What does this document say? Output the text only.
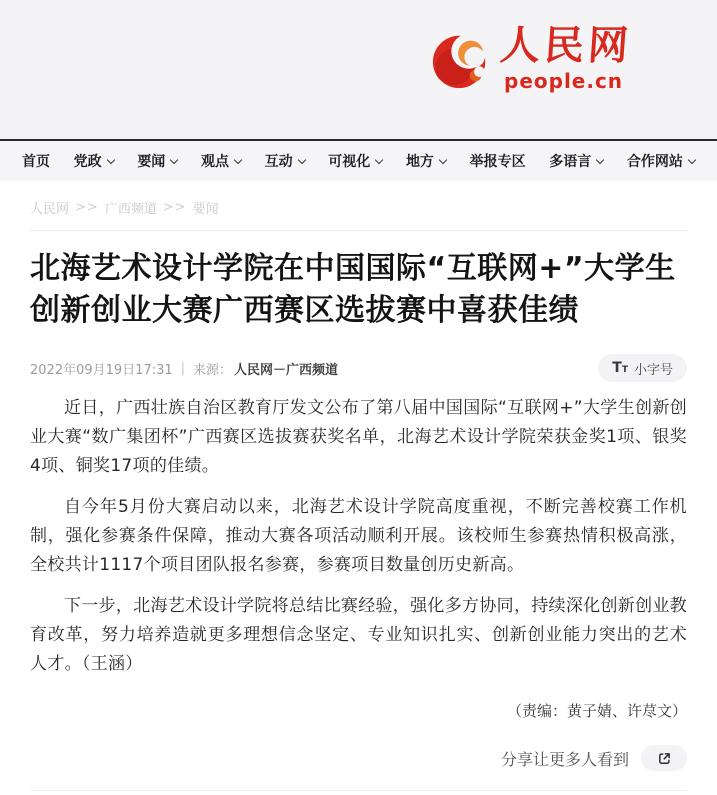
人民网
people.cn
首页 党政	要闻	观点	互动	可视化	地方	举报专区 多语言	合作网站
人民网 >> 广西频道 >> 要闻
北海艺术设计学院在中国国际“互联网+”大学生创新创业大赛广西赛区选拔赛中喜获佳绩
2022年09月19日17:31 | 来源： 人民网－广西频道	T T 小字号

近日，广西壮族自治区教育厅发文公布了第八届中国国际“互联网+”大学生创新创业大赛“数广集团杯”广西赛区选拔赛获奖名单，北海艺术设计学院荣获金奖1项、银奖4项、铜奖17项的佳绩。

自今年5月份大赛启动以来，北海艺术设计学院高度重视，不断完善校赛工作机制，强化参赛条件保障，推动大赛各项活动顺利开展。该校师生参赛热情积极高涨，全校共计1117个项目团队报名参赛，参赛项目数量创历史新高。

下一步，北海艺术设计学院将总结比赛经验，强化多方协同，持续深化创新创业教育改革，努力培养造就更多理想信念坚定、专业知识扎实、创新创业能力突出的艺术人才。（王涵）

（责编：黄子婧、许荩文）
分享让更多人看到
